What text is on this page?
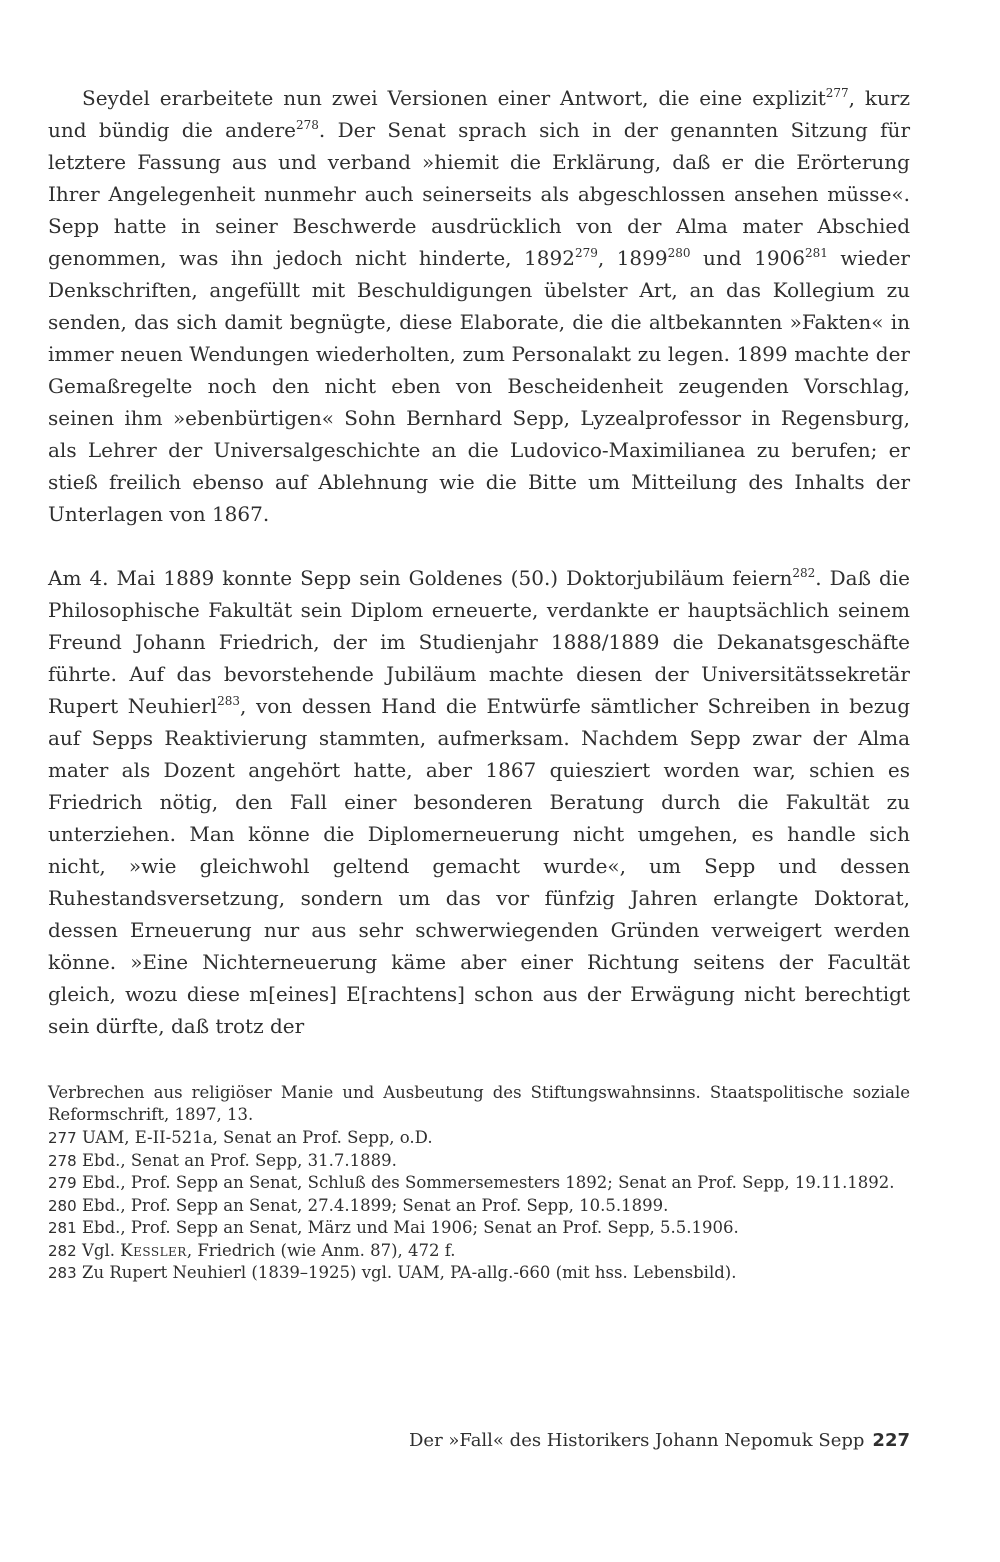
Seydel erarbeitete nun zwei Versionen einer Antwort, die eine explizit$^{277}$, kurz und bündig die andere$^{278}$. Der Senat sprach sich in der genannten Sitzung für letztere Fassung aus und verband »hiemit die Erklärung, daß er die Erörterung Ihrer Angelegenheit nunmehr auch seinerseits als abgeschlossen ansehen müsse«. Sepp hatte in seiner Beschwerde ausdrücklich von der Alma mater Abschied genommen, was ihn jedoch nicht hinderte, 1892$^{279}$, 1899$^{280}$ und 1906$^{281}$ wieder Denkschriften, angefüllt mit Beschuldigungen übelster Art, an das Kollegium zu senden, das sich damit begnügte, diese Elaborate, die die altbekannten »Fakten« in immer neuen Wendungen wiederholten, zum Personalakt zu legen. 1899 machte der Gemaßregelte noch den nicht eben von Bescheidenheit zeugenden Vorschlag, seinen ihm »ebenbürtigen« Sohn Bernhard Sepp, Lyzealprofessor in Regensburg, als Lehrer der Universalgeschichte an die Ludovico-Maximilianea zu berufen; er stieß freilich ebenso auf Ablehnung wie die Bitte um Mitteilung des Inhalts der Unterlagen von 1867.

Am 4. Mai 1889 konnte Sepp sein Goldenes (50.) Doktorjubiläum feiern$^{282}$. Daß die Philosophische Fakultät sein Diplom erneuerte, verdankte er hauptsächlich seinem Freund Johann Friedrich, der im Studienjahr 1888/1889 die Dekanatsgeschäfte führte. Auf das bevorstehende Jubiläum machte diesen der Universitätssekretär Rupert Neuhierl$^{283}$, von dessen Hand die Entwürfe sämtlicher Schreiben in bezug auf Sepps Reaktivierung stammten, aufmerksam. Nachdem Sepp zwar der Alma mater als Dozent angehört hatte, aber 1867 quiesziert worden war, schien es Friedrich nötig, den Fall einer besonderen Beratung durch die Fakultät zu unterziehen. Man könne die Diplomerneuerung nicht umgehen, es handle sich nicht, »wie gleichwohl geltend gemacht wurde«, um Sepp und dessen Ruhestandsversetzung, sondern um das vor fünfzig Jahren erlangte Doktorat, dessen Erneuerung nur aus sehr schwerwiegenden Gründen verweigert werden könne. »Eine Nichterneuerung käme aber einer Richtung seitens der Facultät gleich, wozu diese m[eines] E[rachtens] schon aus der Erwägung nicht berechtigt sein dürfte, daß trotz der

Verbrechen aus religiöser Manie und Ausbeutung des Stiftungswahnsinns. Staatspolitische soziale Reformschrift, 1897, 13.

277 UAM, E-II-521a, Senat an Prof. Sepp, o.D.

278 Ebd., Senat an Prof. Sepp, 31.7.1889.

279 Ebd., Prof. Sepp an Senat, Schluß des Sommersemesters 1892; Senat an Prof. Sepp, 19.11.1892.

280 Ebd., Prof. Sepp an Senat, 27.4.1899; Senat an Prof. Sepp, 10.5.1899.

281 Ebd., Prof. Sepp an Senat, März und Mai 1906; Senat an Prof. Sepp, 5.5.1906.

282 Vgl. Kessler, Friedrich (wie Anm. 87), 472 f.

283 Zu Rupert Neuhierl (1839–1925) vgl. UAM, PA-allg.-660 (mit hss. Lebensbild).

Der »Fall« des Historikers Johann Nepomuk Sepp 227
